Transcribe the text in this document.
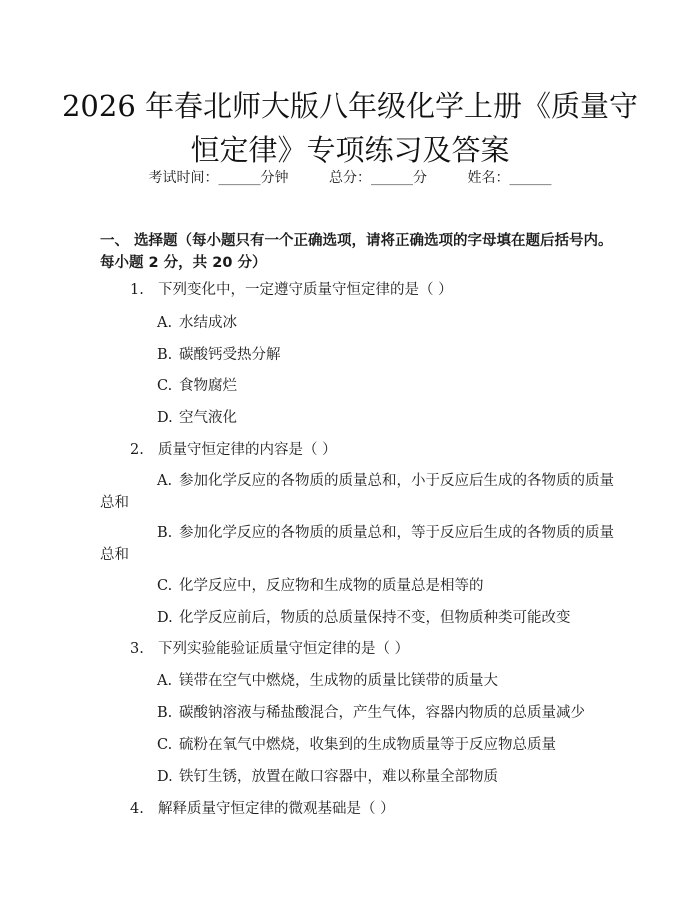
2026 年春北师大版八年级化学上册《质量守
恒定律》专项练习及答案
考试时间：______分钟	总分：______分	姓名：______
一、 选择题（每小题只有一个正确选项，请将正确选项的字母填在题后括号内。
每小题 2 分，共 20 分）
1. 下列变化中，一定遵守质量守恒定律的是（ ）
A. 水结成冰
B. 碳酸钙受热分解
C. 食物腐烂
D. 空气液化
2. 质量守恒定律的内容是（ ）
A. 参加化学反应的各物质的质量总和，小于反应后生成的各物质的质量
总和
B. 参加化学反应的各物质的质量总和，等于反应后生成的各物质的质量
总和
C. 化学反应中，反应物和生成物的质量总是相等的
D. 化学反应前后，物质的总质量保持不变，但物质种类可能改变
3. 下列实验能验证质量守恒定律的是（ ）
A. 镁带在空气中燃烧，生成物的质量比镁带的质量大
B. 碳酸钠溶液与稀盐酸混合，产生气体，容器内物质的总质量减少
C. 硫粉在氧气中燃烧，收集到的生成物质量等于反应物总质量
D. 铁钉生锈，放置在敞口容器中，难以称量全部物质
4. 解释质量守恒定律的微观基础是（ ）
